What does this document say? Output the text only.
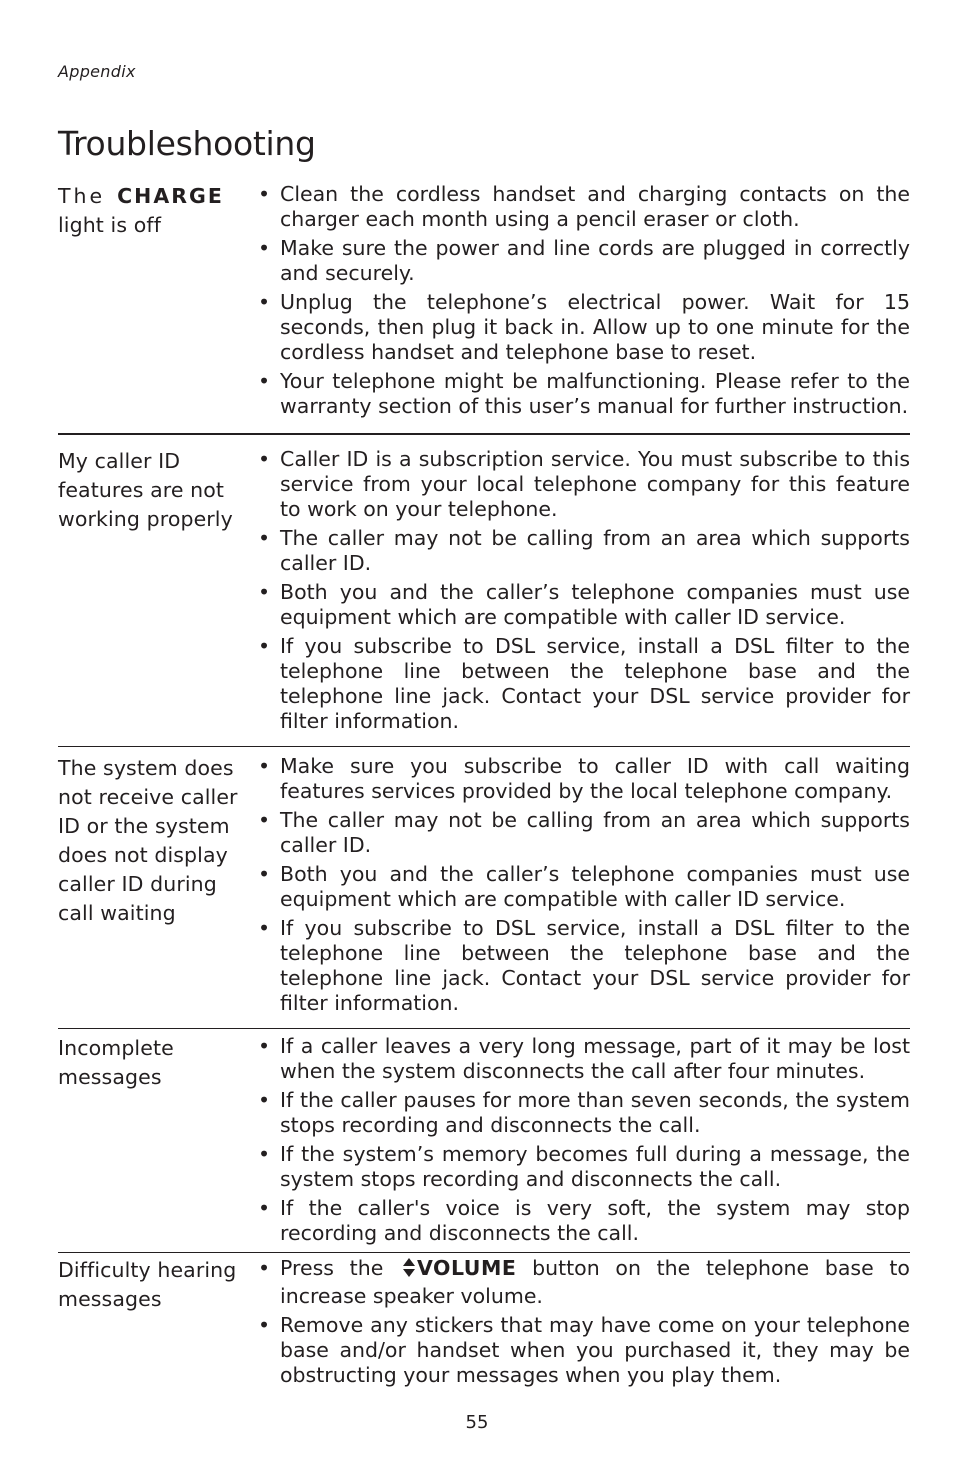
Appendix
Troubleshooting
The CHARGE
light is off
• Clean the cordless handset and charging contacts on the charger each month using a pencil eraser or cloth.
• Make sure the power and line cords are plugged in correctly and securely.
• Unplug the telephone’s electrical power. Wait for 15 seconds, then plug it back in. Allow up to one minute for the cordless handset and telephone base to reset.
• Your telephone might be malfunctioning. Please refer to the warranty section of this user’s manual for further instruction.
My caller ID features are not working properly
• Caller ID is a subscription service. You must subscribe to this service from your local telephone company for this feature to work on your telephone.
• The caller may not be calling from an area which supports caller ID.
• Both you and the caller’s telephone companies must use equipment which are compatible with caller ID service.
• If you subscribe to DSL service, install a DSL filter to the telephone line between the telephone base and the telephone line jack. Contact your DSL service provider for filter information.
The system does not receive caller ID or the system does not display caller ID during call waiting
• Make sure you subscribe to caller ID with call waiting features services provided by the local telephone company.
• The caller may not be calling from an area which supports caller ID.
• Both you and the caller’s telephone companies must use equipment which are compatible with caller ID service.
• If you subscribe to DSL service, install a DSL filter to the telephone line between the telephone base and the telephone line jack. Contact your DSL service provider for filter information.
Incomplete messages
• If a caller leaves a very long message, part of it may be lost when the system disconnects the call after four minutes.
• If the caller pauses for more than seven seconds, the system stops recording and disconnects the call.
• If the system’s memory becomes full during a message, the system stops recording and disconnects the call.
• If the caller's voice is very soft, the system may stop recording and disconnects the call.
Difficulty hearing messages
• Press the VOLUME button on the telephone base to increase speaker volume.
• Remove any stickers that may have come on your telephone base and/or handset when you purchased it, they may be obstructing your messages when you play them.
55
